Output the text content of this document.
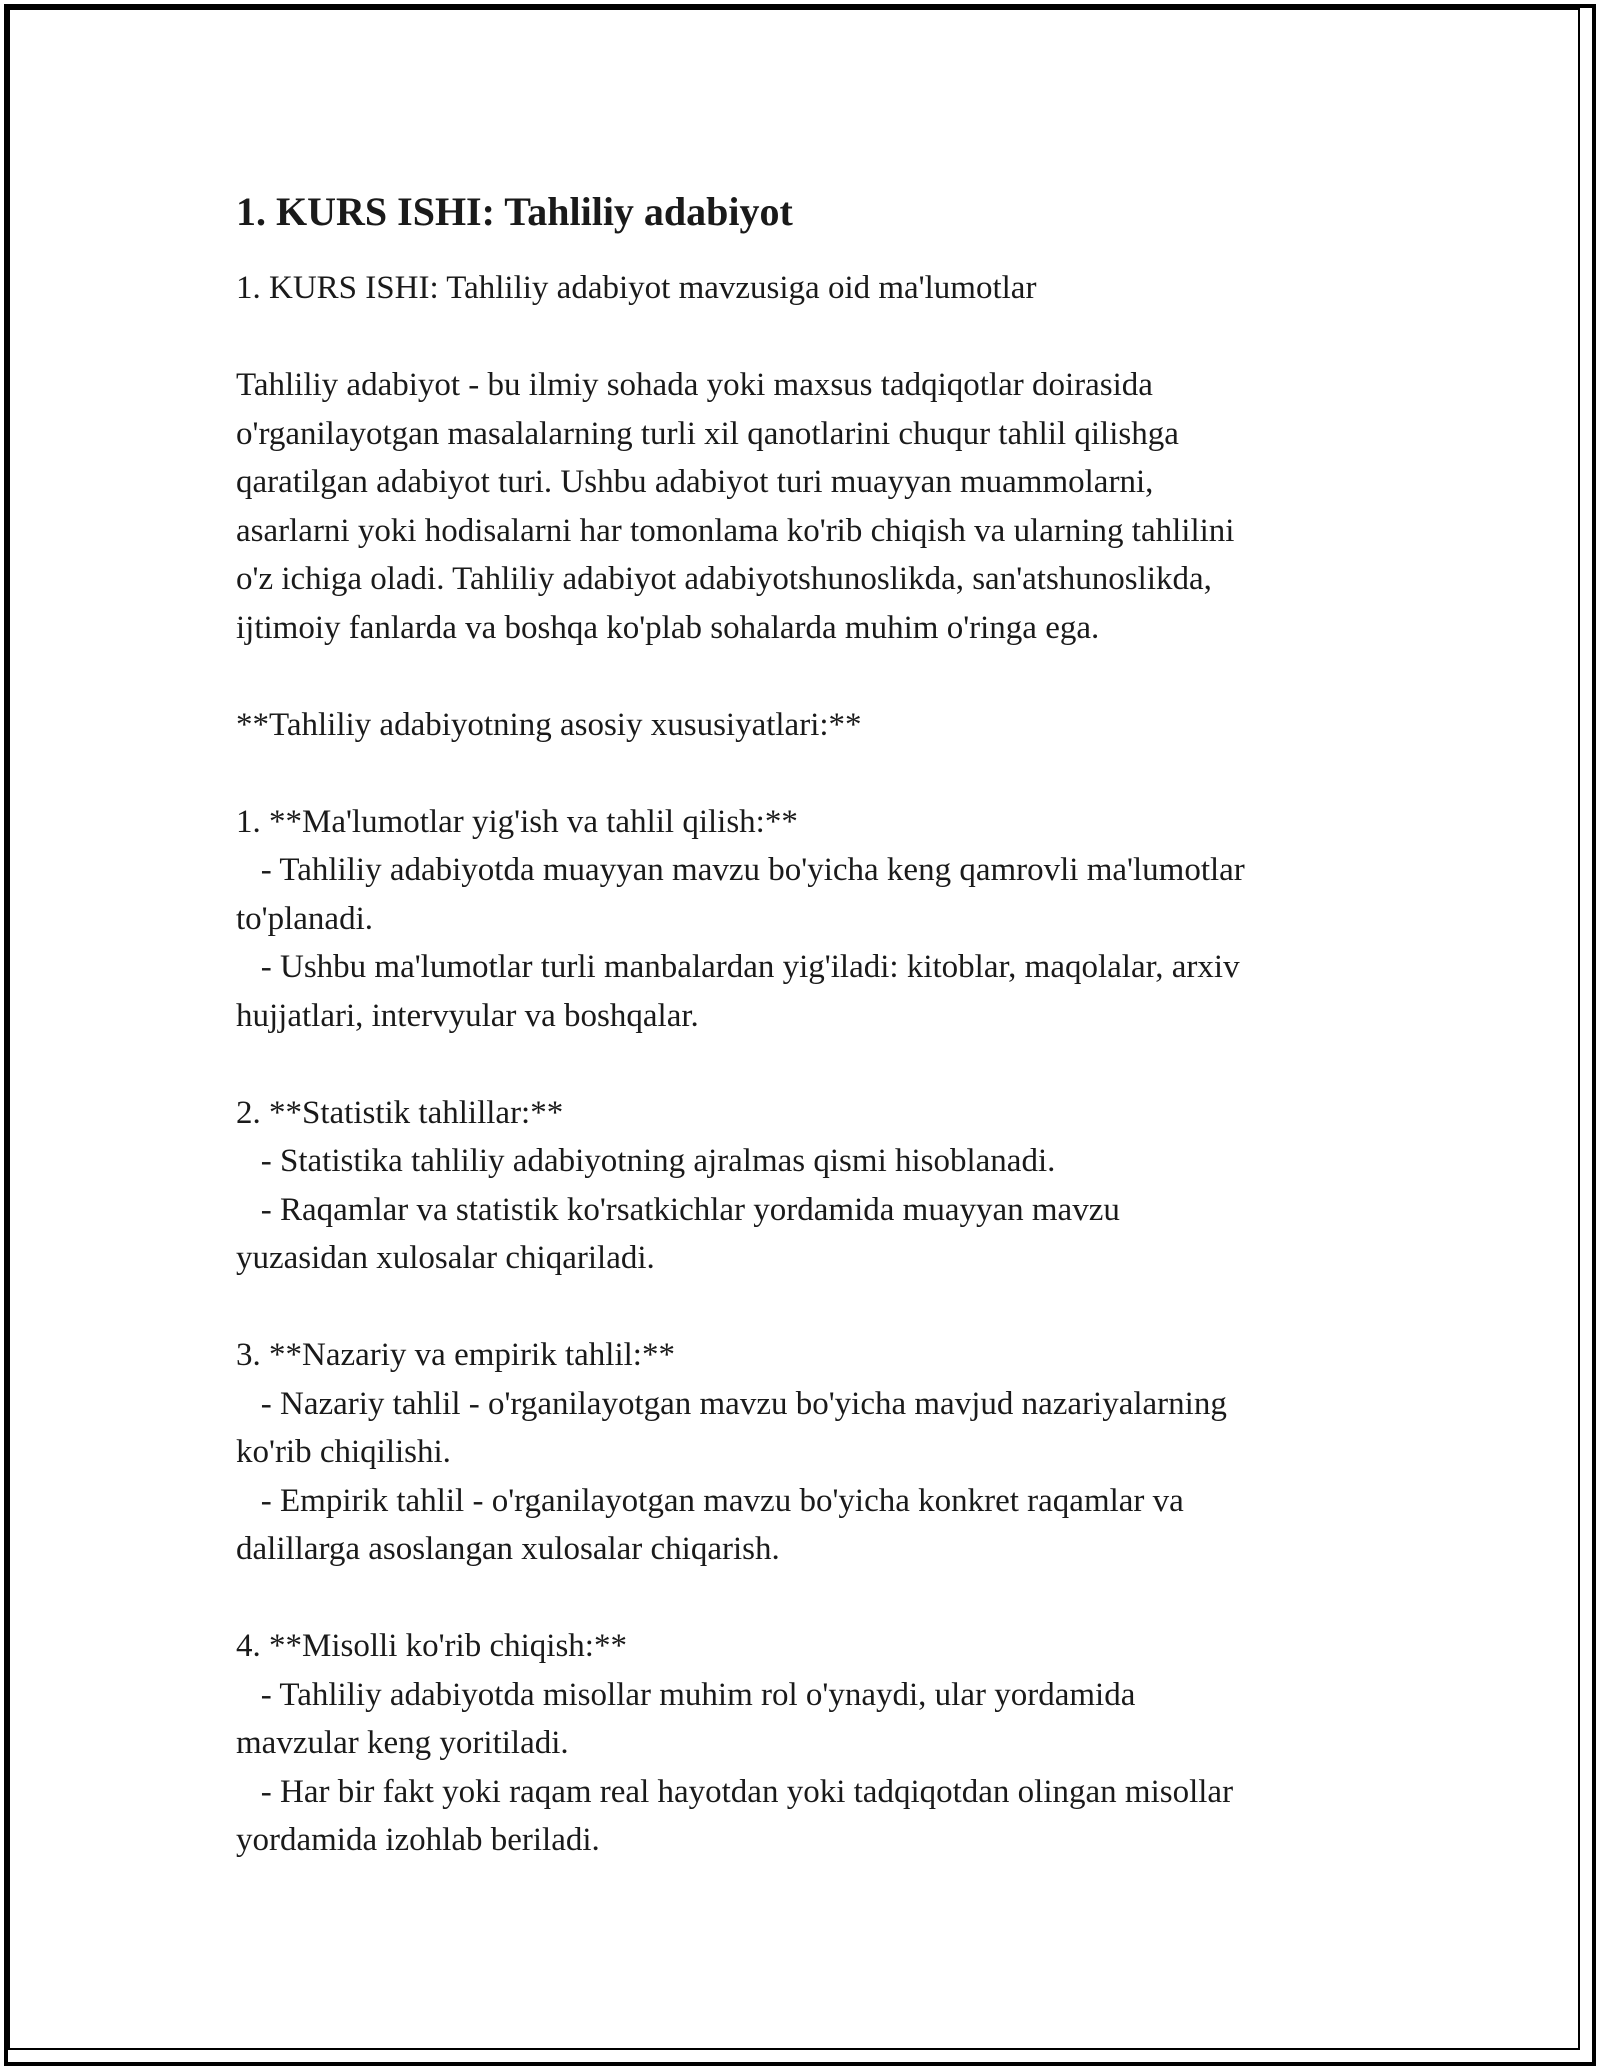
1. KURS ISHI: Tahliliy adabiyot

1. KURS ISHI: Tahliliy adabiyot mavzusiga oid ma'lumotlar

Tahliliy adabiyot - bu ilmiy sohada yoki maxsus tadqiqotlar doirasida

o'rganilayotgan masalalarning turli xil qanotlarini chuqur tahlil qilishga

qaratilgan adabiyot turi. Ushbu adabiyot turi muayyan muammolarni,

asarlarni yoki hodisalarni har tomonlama ko'rib chiqish va ularning tahlilini

o'z ichiga oladi. Tahliliy adabiyot adabiyotshunoslikda, san'atshunoslikda,

ijtimoiy fanlarda va boshqa ko'plab sohalarda muhim o'ringa ega.

**Tahliliy adabiyotning asosiy xususiyatlari:**

1. **Ma'lumotlar yig'ish va tahlil qilish:**

- Tahliliy adabiyotda muayyan mavzu bo'yicha keng qamrovli ma'lumotlar

to'planadi.

- Ushbu ma'lumotlar turli manbalardan yig'iladi: kitoblar, maqolalar, arxiv

hujjatlari, intervyular va boshqalar.

2. **Statistik tahlillar:**

- Statistika tahliliy adabiyotning ajralmas qismi hisoblanadi.

- Raqamlar va statistik ko'rsatkichlar yordamida muayyan mavzu

yuzasidan xulosalar chiqariladi.

3. **Nazariy va empirik tahlil:**

- Nazariy tahlil - o'rganilayotgan mavzu bo'yicha mavjud nazariyalarning

ko'rib chiqilishi.

- Empirik tahlil - o'rganilayotgan mavzu bo'yicha konkret raqamlar va

dalillarga asoslangan xulosalar chiqarish.

4. **Misolli ko'rib chiqish:**

- Tahliliy adabiyotda misollar muhim rol o'ynaydi, ular yordamida

mavzular keng yoritiladi.

- Har bir fakt yoki raqam real hayotdan yoki tadqiqotdan olingan misollar

yordamida izohlab beriladi.
